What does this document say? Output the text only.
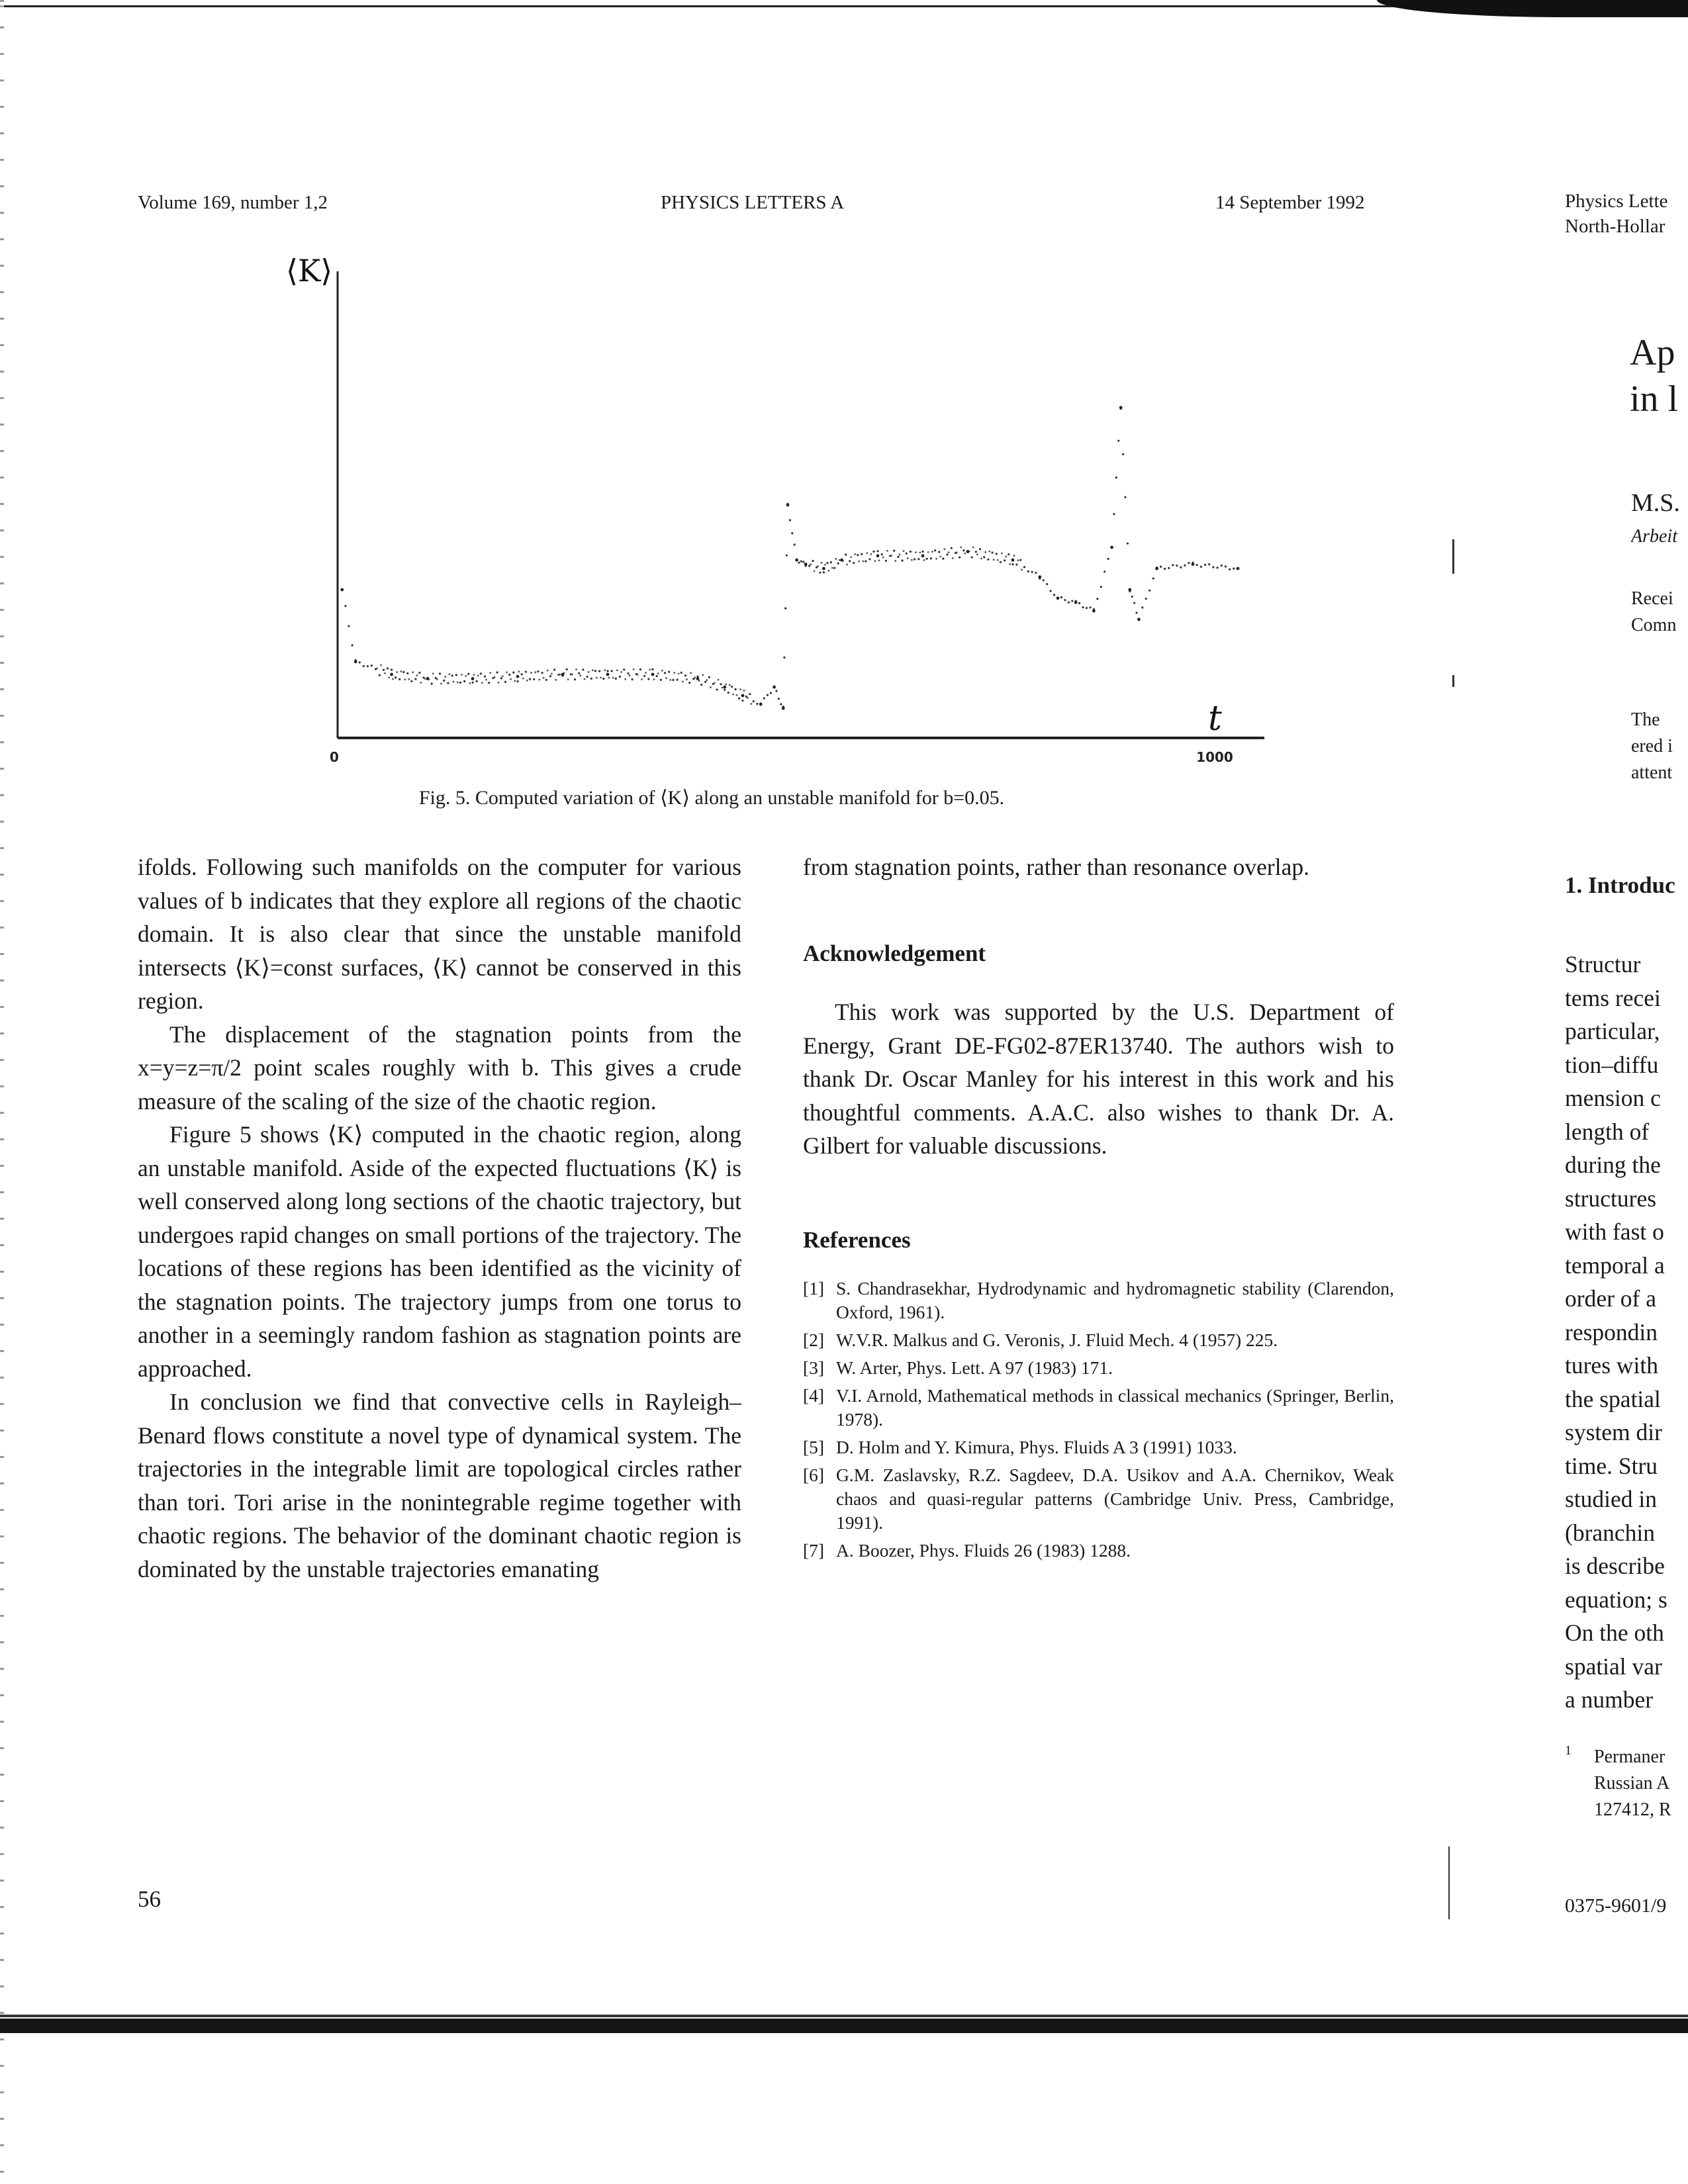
Volume 169, number 1,2	PHYSICS LETTERS A	14 September 1992
⟨K⟩
t
0	1000
Fig. 5. Computed variation of ⟨K⟩ along an unstable manifold for b=0.05.

ifolds. Following such manifolds on the computer for various values of b indicates that they explore all regions of the chaotic domain. It is also clear that since the unstable manifold intersects ⟨K⟩=const surfaces, ⟨K⟩ cannot be conserved in this region.

The displacement of the stagnation points from the x=y=z=π/2 point scales roughly with b. This gives a crude measure of the scaling of the size of the chaotic region.

Figure 5 shows ⟨K⟩ computed in the chaotic region, along an unstable manifold. Aside of the expected fluctuations ⟨K⟩ is well conserved along long sections of the chaotic trajectory, but undergoes rapid changes on small portions of the trajectory. The locations of these regions has been identified as the vicinity of the stagnation points. The trajectory jumps from one torus to another in a seemingly random fashion as stagnation points are approached.

In conclusion we find that convective cells in Rayleigh–Benard flows constitute a novel type of dynamical system. The trajectories in the integrable limit are topological circles rather than tori. Tori arise in the nonintegrable regime together with chaotic regions. The behavior of the dominant chaotic region is dominated by the unstable trajectories emanating

from stagnation points, rather than resonance overlap.

Acknowledgement

This work was supported by the U.S. Department of Energy, Grant DE-FG02-87ER13740. The authors wish to thank Dr. Oscar Manley for his interest in this work and his thoughtful comments. A.A.C. also wishes to thank Dr. A. Gilbert for valuable discussions.

References
[1] S. Chandrasekhar, Hydrodynamic and hydromagnetic stability (Clarendon, Oxford, 1961).
[2] W.V.R. Malkus and G. Veronis, J. Fluid Mech. 4 (1957) 225.
[3] W. Arter, Phys. Lett. A 97 (1983) 171.
[4] V.I. Arnold, Mathematical methods in classical mechanics (Springer, Berlin, 1978).
[5] D. Holm and Y. Kimura, Phys. Fluids A 3 (1991) 1033.
[6] G.M. Zaslavsky, R.Z. Sagdeev, D.A. Usikov and A.A. Chernikov, Weak chaos and quasi-regular patterns (Cambridge Univ. Press, Cambridge, 1991).
[7] A. Boozer, Phys. Fluids 26 (1983) 1288.
56
Physics Lette
North-Hollar
Ap
in l
M.S.
Arbeit
Recei
Comn
The
ered i
attent
1. Introduc
Structur
tems recei
particular,
tion–diffu
mension c
length of
during the
structures
with fast o
temporal a
order of a
respondin
tures with
the spatial
system dir
time. Stru
studied in
(branchin
is describe
equation; s
On the oth
spatial var
a number
1 Permaner
Russian A
127412, R
0375-9601/9
